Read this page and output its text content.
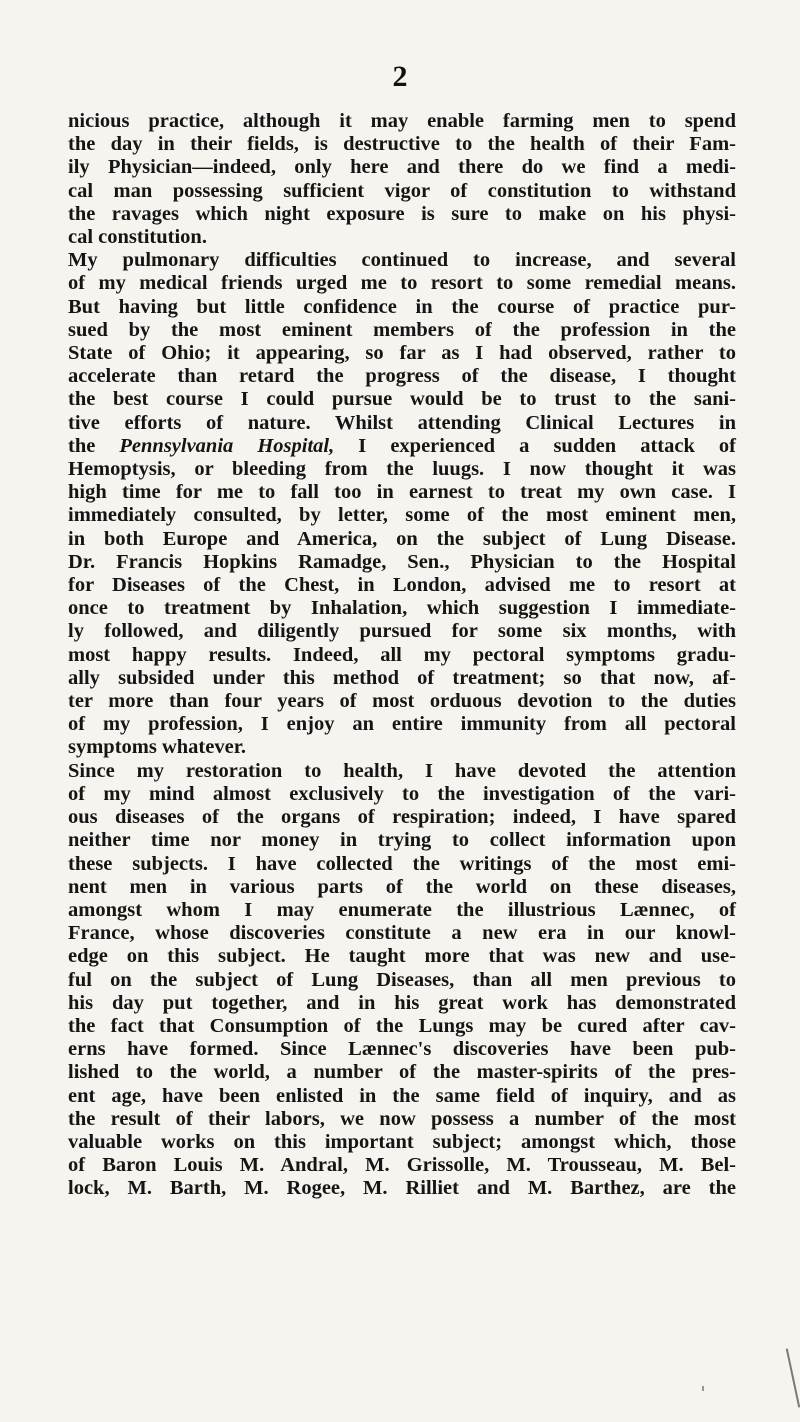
2
nicious practice, although it may enable farming men to spend
the day in their fields, is destructive to the health of their Fam-
ily Physician—indeed, only here and there do we find a medi-
cal man possessing sufficient vigor of constitution to withstand
the ravages which night exposure is sure to make on his physi-
cal constitution.
My pulmonary difficulties continued to increase, and several
of my medical friends urged me to resort to some remedial means.
But having but little confidence in the course of practice pur-
sued by the most eminent members of the profession in the
State of Ohio; it appearing, so far as I had observed, rather to
accelerate than retard the progress of the disease, I thought
the best course I could pursue would be to trust to the sani-
tive efforts of nature. Whilst attending Clinical Lectures in
the Pennsylvania Hospital, I experienced a sudden attack of
Hemoptysis, or bleeding from the luugs. I now thought it was
high time for me to fall too in earnest to treat my own case. I
immediately consulted, by letter, some of the most eminent men,
in both Europe and America, on the subject of Lung Disease.
Dr. Francis Hopkins Ramadge, Sen., Physician to the Hospital
for Diseases of the Chest, in London, advised me to resort at
once to treatment by Inhalation, which suggestion I immediate-
ly followed, and diligently pursued for some six months, with
most happy results. Indeed, all my pectoral symptoms gradu-
ally subsided under this method of treatment; so that now, af-
ter more than four years of most orduous devotion to the duties
of my profession, I enjoy an entire immunity from all pectoral
symptoms whatever.
Since my restoration to health, I have devoted the attention
of my mind almost exclusively to the investigation of the vari-
ous diseases of the organs of respiration; indeed, I have spared
neither time nor money in trying to collect information upon
these subjects. I have collected the writings of the most emi-
nent men in various parts of the world on these diseases,
amongst whom I may enumerate the illustrious Lænnec, of
France, whose discoveries constitute a new era in our knowl-
edge on this subject. He taught more that was new and use-
ful on the subject of Lung Diseases, than all men previous to
his day put together, and in his great work has demonstrated
the fact that Consumption of the Lungs may be cured after cav-
erns have formed. Since Lænnec's discoveries have been pub-
lished to the world, a number of the master-spirits of the pres-
ent age, have been enlisted in the same field of inquiry, and as
the result of their labors, we now possess a number of the most
valuable works on this important subject; amongst which, those
of Baron Louis M. Andral, M. Grissolle, M. Trousseau, M. Bel-
lock, M. Barth, M. Rogee, M. Rilliet and M. Barthez, are the
